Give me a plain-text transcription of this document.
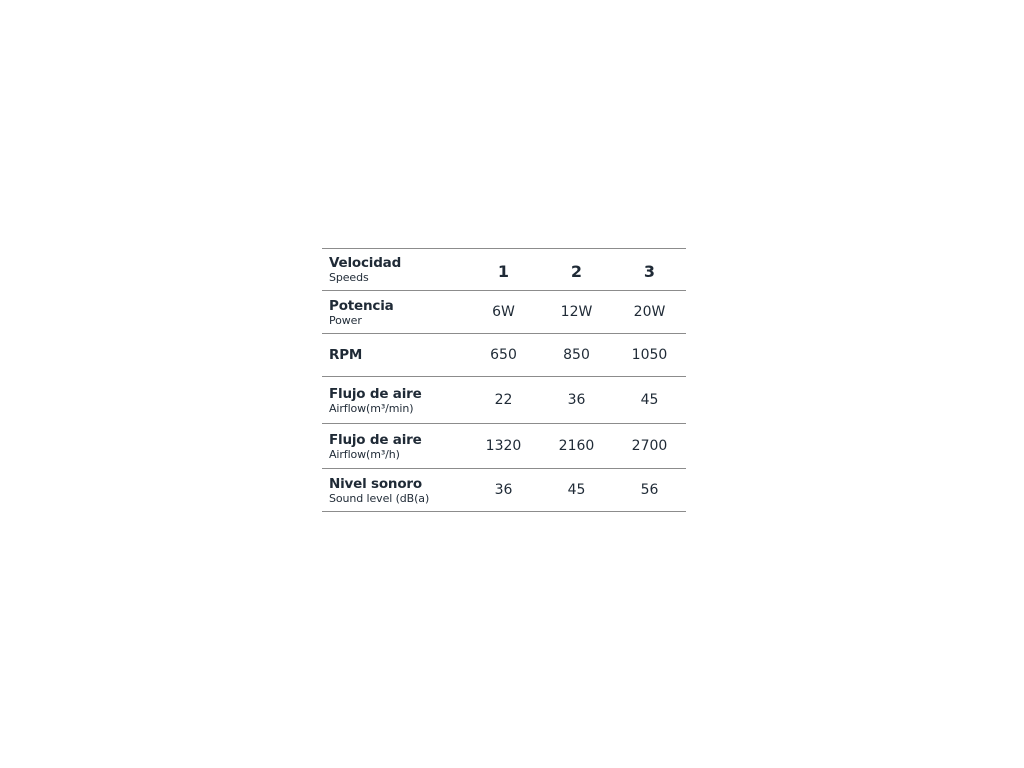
Velocidad
Speeds	1	2	3
Potencia
Power	6W	12W	20W
RPM	650	850	1050
Flujo de aire
Airflow(m³/min)	22	36	45
Flujo de aire
Airflow(m³/h)	1320	2160	2700
Nivel sonoro
Sound level (dB(a)	36	45	56
